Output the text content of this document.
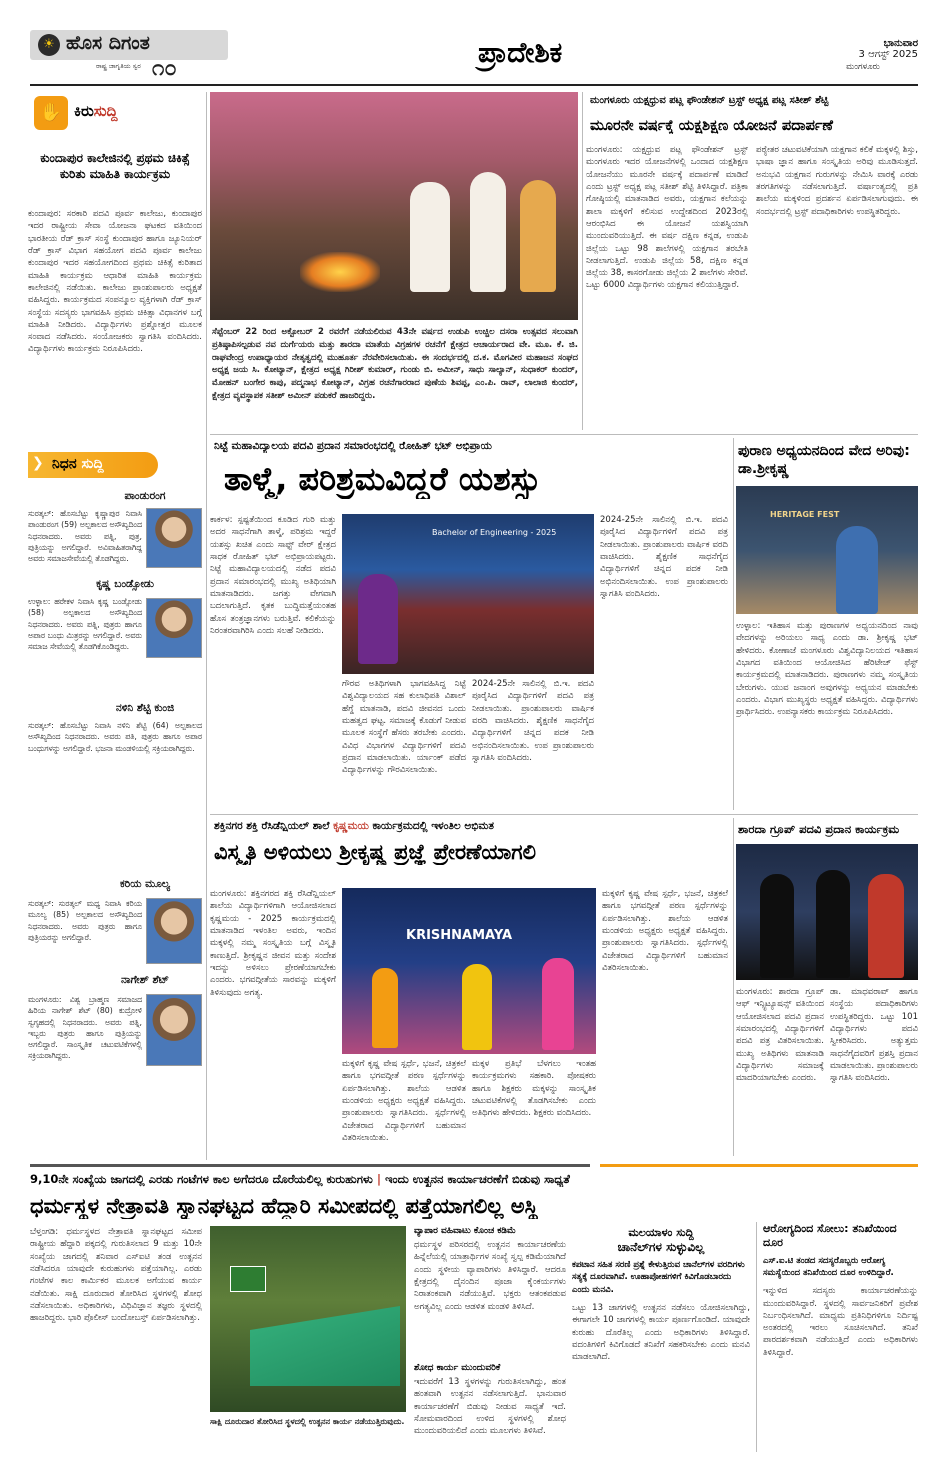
☀ ಹೊಸ ದಿಗಂತ
ರಾಷ್ಟ್ರ ಜಾಗೃತಿಯ ಸ್ವರ ೧೦	ಪ್ರಾದೇಶಿಕ	ಭಾನುವಾರ
3 ಆಗಸ್ಟ್ 2025
ಮಂಗಳೂರು
✋ ಕಿರುಸುದ್ದಿ
ಕುಂದಾಪುರ ಕಾಲೇಜಿನಲ್ಲಿ ಪ್ರಥಮ ಚಿಕಿತ್ಸೆ ಕುರಿತು ಮಾಹಿತಿ ಕಾರ್ಯಕ್ರಮ
ಕುಂದಾಪುರ: ಸರಕಾರಿ ಪದವಿ ಪೂರ್ವ ಕಾಲೇಜು, ಕುಂದಾಪುರ ಇದರ ರಾಷ್ಟ್ರೀಯ ಸೇವಾ ಯೋಜನಾ ಘಟಕದ ವತಿಯಿಂದ ಭಾರತೀಯ ರೆಡ್ ಕ್ರಾಸ್ ಸಂಸ್ಥೆ ಕುಂದಾಪುರ ಹಾಗೂ ಜ್ಯೂನಿಯರ್ ರೆಡ್ ಕ್ರಾಸ್ ವಿಭಾಗ ಸಹಯೋಗ ಪದವಿ ಪೂರ್ವ ಕಾಲೇಜು ಕುಂದಾಪುರ ಇದರ ಸಹಯೋಗದಿಂದ ಪ್ರಥಮ ಚಿಕಿತ್ಸೆ ಕುರಿತಾದ ಮಾಹಿತಿ ಕಾರ್ಯಕ್ರಮ ಆಧಾರಿತ ಮಾಹಿತಿ ಕಾರ್ಯಕ್ರಮ ಕಾಲೇಜಿನಲ್ಲಿ ನಡೆಯಿತು. ಕಾಲೇಜು ಪ್ರಾಂಶುಪಾಲರು ಅಧ್ಯಕ್ಷತೆ ವಹಿಸಿದ್ದರು. ಕಾರ್ಯಕ್ರಮದ ಸಂಪನ್ಮೂಲ ವ್ಯಕ್ತಿಗಳಾಗಿ ರೆಡ್ ಕ್ರಾಸ್ ಸಂಸ್ಥೆಯ ಸದಸ್ಯರು ಭಾಗವಹಿಸಿ ಪ್ರಥಮ ಚಿಕಿತ್ಸಾ ವಿಧಾನಗಳ ಬಗ್ಗೆ ಮಾಹಿತಿ ನೀಡಿದರು. ವಿದ್ಯಾರ್ಥಿಗಳು ಪ್ರಶ್ನೋತ್ತರ ಮೂಲಕ ಸಂವಾದ ನಡೆಸಿದರು. ಸಂಯೋಜಕರು ಸ್ವಾಗತಿಸಿ ವಂದಿಸಿದರು. ವಿದ್ಯಾರ್ಥಿಗಳು ಕಾರ್ಯಕ್ರಮ ನಿರೂಪಿಸಿದರು.
❯ ನಿಧನ ಸುದ್ದಿ
ಪಾಂಡುರಂಗ
ಸುರತ್ಕಲ್: ಹೊಸಬೆಟ್ಟು ಕೃಷ್ಣಾಪುರ ನಿವಾಸಿ ಪಾಂಡುರಂಗ (59) ಅಲ್ಪಕಾಲದ ಅಸೌಖ್ಯದಿಂದ ನಿಧನರಾದರು. ಅವರು ಪತ್ನಿ, ಪುತ್ರ, ಪುತ್ರಿಯನ್ನು ಅಗಲಿದ್ದಾರೆ. ಅವಿವಾಹಿತರಾಗಿದ್ದ ಅವರು ಸಮಾಜಸೇವೆಯಲ್ಲಿ ತೊಡಗಿದ್ದರು.
ಕೃಷ್ಣ ಬಂಡ್ಸೋಡು
ಉಳ್ಳಾಲ: ಹರೇಕಳ ನಿವಾಸಿ ಕೃಷ್ಣ ಬಂಡ್ಸೋಡು (58) ಅಲ್ಪಕಾಲದ ಅಸೌಖ್ಯದಿಂದ ನಿಧನರಾದರು. ಅವರು ಪತ್ನಿ, ಪುತ್ರರು ಹಾಗೂ ಅಪಾರ ಬಂಧು ಮಿತ್ರರನ್ನು ಅಗಲಿದ್ದಾರೆ. ಅವರು ಸಮಾಜ ಸೇವೆಯಲ್ಲಿ ತೊಡಗಿಕೊಂಡಿದ್ದರು.
ನಳಿನಿ ಶೆಟ್ಟಿ ಕುಂಜಿ
ಸುರತ್ಕಲ್: ಹೊಸಬೆಟ್ಟು ನಿವಾಸಿ ನಳಿನಿ ಶೆಟ್ಟಿ (64) ಅಲ್ಪಕಾಲದ ಅಸೌಖ್ಯದಿಂದ ನಿಧನರಾದರು. ಅವರು ಪತಿ, ಪುತ್ರರು ಹಾಗೂ ಅಪಾರ ಬಂಧುಗಳನ್ನು ಅಗಲಿದ್ದಾರೆ. ಭಜನಾ ಮಂಡಳಿಯಲ್ಲಿ ಸಕ್ರಿಯರಾಗಿದ್ದರು.
ಕರಿಯ ಮೂಲ್ಯ
ಸುರತ್ಕಲ್: ಸುರತ್ಕಲ್ ಮಧ್ಯ ನಿವಾಸಿ ಕರಿಯ ಮೂಲ್ಯ (85) ಅಲ್ಪಕಾಲದ ಅಸೌಖ್ಯದಿಂದ ನಿಧನರಾದರು. ಅವರು ಪುತ್ರರು ಹಾಗೂ ಪುತ್ರಿಯರನ್ನು ಅಗಲಿದ್ದಾರೆ.
ನಾಗೇಶ್ ಶೆಟ್
ಮಂಗಳೂರು: ವಿಶ್ವ ಬ್ರಾಹ್ಮಣ ಸಮಾಜದ ಹಿರಿಯ ನಾಗೇಶ್ ಶೆಟ್ (80) ಕುದ್ರೋಳಿ ಸ್ವಗೃಹದಲ್ಲಿ ನಿಧನರಾದರು. ಅವರು ಪತ್ನಿ, ಇಬ್ಬರು ಪುತ್ರರು ಹಾಗೂ ಪುತ್ರಿಯನ್ನು ಅಗಲಿದ್ದಾರೆ. ಸಾಂಸ್ಕೃತಿಕ ಚಟುವಟಿಕೆಗಳಲ್ಲಿ ಸಕ್ರಿಯರಾಗಿದ್ದರು.
ಸೆಪ್ಟೆಂಬರ್ 22 ರಿಂದ ಅಕ್ಟೋಬರ್ 2 ರವರೆಗೆ ನಡೆಯಲಿರುವ 43ನೇ ವರ್ಷದ ಉಡುಪಿ ಉಚ್ಚಿಲ ದಸರಾ ಉತ್ಸವದ ಸಲುವಾಗಿ ಪ್ರತಿಷ್ಠಾಪಿಸಲ್ಪಡುವ ನವ ದುರ್ಗೆಯರು ಮತ್ತು ಶಾರದಾ ಮಾತೆಯ ವಿಗ್ರಹಗಳ ರಚನೆಗೆ ಕ್ಷೇತ್ರದ ಆಚಾರ್ಯರಾದ ವೇ. ಮೂ. ಕೆ. ಜಿ. ರಾಘವೇಂದ್ರ ಉಪಾಧ್ಯಾಯರ ನೇತೃತ್ವದಲ್ಲಿ ಮುಹೂರ್ತ ನೆರವೇರಿಸಲಾಯಿತು. ಈ ಸಂದರ್ಭದಲ್ಲಿ ದ.ಕ. ಮೊಗವೀರ ಮಹಾಜನ ಸಂಘದ ಅಧ್ಯಕ್ಷ ಜಯ ಸಿ. ಕೋಟ್ಯಾನ್, ಕ್ಷೇತ್ರದ ಅಧ್ಯಕ್ಷ ಗಿರೀಶ್ ಕುಮಾರ್, ಗುಂಡು ಬಿ. ಅಮೀನ್, ಸಾಧು ಸಾಲ್ಯಾನ್, ಸುಧಾಕರ್ ಕುಂದರ್, ಮೋಹನ್ ಬಂಗೇರ ಕಾಪು, ಪದ್ಮನಾಭ ಕೋಟ್ಯಾನ್, ವಿಗ್ರಹ ರಚನೆಗಾರರಾದ ಪುಣೆಯ ಶಿವಪ್ಪ, ಎಂ.ಪಿ. ರಾವ್, ಲಾಲಾಜಿ ಕುಂದರ್, ಕ್ಷೇತ್ರದ ವ್ಯವಸ್ಥಾಪಕ ಸತೀಶ್ ಅಮೀನ್ ಪಡುಕರೆ ಹಾಜರಿದ್ದರು.
ಮಂಗಳೂರು ಯಕ್ಷಧ್ರುವ ಪಟ್ಲ ಫೌಂಡೇಶನ್ ಟ್ರಸ್ಟ್ ಅಧ್ಯಕ್ಷ ಪಟ್ಲ ಸತೀಶ್ ಶೆಟ್ಟಿ
ಮೂರನೇ ವರ್ಷಕ್ಕೆ ಯಕ್ಷಶಿಕ್ಷಣ ಯೋಜನೆ ಪದಾರ್ಪಣೆ
ಮಂಗಳೂರು: ಯಕ್ಷಧ್ರುವ ಪಟ್ಲ ಫೌಂಡೇಶನ್ ಟ್ರಸ್ಟ್ ಮಂಗಳೂರು ಇದರ ಯೋಜನೆಗಳಲ್ಲಿ ಒಂದಾದ ಯಕ್ಷಶಿಕ್ಷಣ ಯೋಜನೆಯು ಮೂರನೇ ವರ್ಷಕ್ಕೆ ಪದಾರ್ಪಣೆ ಮಾಡಿದೆ ಎಂದು ಟ್ರಸ್ಟ್ ಅಧ್ಯಕ್ಷ ಪಟ್ಲ ಸತೀಶ್ ಶೆಟ್ಟಿ ತಿಳಿಸಿದ್ದಾರೆ. ಪತ್ರಿಕಾ ಗೋಷ್ಠಿಯಲ್ಲಿ ಮಾತನಾಡಿದ ಅವರು, ಯಕ್ಷಗಾನ ಕಲೆಯನ್ನು ಶಾಲಾ ಮಕ್ಕಳಿಗೆ ಕಲಿಸುವ ಉದ್ದೇಶದಿಂದ 2023ರಲ್ಲಿ ಆರಂಭಿಸಿದ ಈ ಯೋಜನೆ ಯಶಸ್ವಿಯಾಗಿ ಮುಂದುವರಿಯುತ್ತಿದೆ. ಈ ವರ್ಷ ದಕ್ಷಿಣ ಕನ್ನಡ, ಉಡುಪಿ ಜಿಲ್ಲೆಯ ಒಟ್ಟು 98 ಶಾಲೆಗಳಲ್ಲಿ ಯಕ್ಷಗಾನ ತರಬೇತಿ ನೀಡಲಾಗುತ್ತಿದೆ. ಉಡುಪಿ ಜಿಲ್ಲೆಯ 58, ದಕ್ಷಿಣ ಕನ್ನಡ ಜಿಲ್ಲೆಯ 38, ಕಾಸರಗೋಡು ಜಿಲ್ಲೆಯ 2 ಶಾಲೆಗಳು ಸೇರಿವೆ. ಒಟ್ಟು 6000 ವಿದ್ಯಾರ್ಥಿಗಳು ಯಕ್ಷಗಾನ ಕಲಿಯುತ್ತಿದ್ದಾರೆ.
ಪಠ್ಯೇತರ ಚಟುವಟಿಕೆಯಾಗಿ ಯಕ್ಷಗಾನ ಕಲಿಕೆ ಮಕ್ಕಳಲ್ಲಿ ಶಿಸ್ತು, ಭಾಷಾ ಜ್ಞಾನ ಹಾಗೂ ಸಂಸ್ಕೃತಿಯ ಅರಿವು ಮೂಡಿಸುತ್ತದೆ. ಅನುಭವಿ ಯಕ್ಷಗಾನ ಗುರುಗಳನ್ನು ನೇಮಿಸಿ ವಾರಕ್ಕೆ ಎರಡು ತರಗತಿಗಳನ್ನು ನಡೆಸಲಾಗುತ್ತಿದೆ. ವರ್ಷಾಂತ್ಯದಲ್ಲಿ ಪ್ರತಿ ಶಾಲೆಯ ಮಕ್ಕಳಿಂದ ಪ್ರದರ್ಶನ ಏರ್ಪಡಿಸಲಾಗುವುದು. ಈ ಸಂದರ್ಭದಲ್ಲಿ ಟ್ರಸ್ಟ್ ಪದಾಧಿಕಾರಿಗಳು ಉಪಸ್ಥಿತರಿದ್ದರು.
ನಿಟ್ಟೆ ಮಹಾವಿದ್ಯಾಲಯ ಪದವಿ ಪ್ರದಾನ ಸಮಾರಂಭದಲ್ಲಿ ರೋಹಿತ್ ಭಟ್ ಅಭಿಪ್ರಾಯ
ತಾಳ್ಮೆ, ಪರಿಶ್ರಮವಿದ್ದರೆ ಯಶಸ್ಸು
ಕಾರ್ಕಳ: ಸ್ಪಷ್ಟತೆಯಿಂದ ಕೂಡಿದ ಗುರಿ ಮತ್ತು ಅದರ ಸಾಧನೆಗಾಗಿ ತಾಳ್ಮೆ, ಪರಿಶ್ರಮ ಇದ್ದರೆ ಯಶಸ್ಸು ಖಚಿತ ಎಂದು ಸಾಫ್ಟ್ ವೇರ್ ಕ್ಷೇತ್ರದ ಸಾಧಕ ರೋಹಿತ್ ಭಟ್ ಅಭಿಪ್ರಾಯಪಟ್ಟರು. ನಿಟ್ಟೆ ಮಹಾವಿದ್ಯಾಲಯದಲ್ಲಿ ನಡೆದ ಪದವಿ ಪ್ರದಾನ ಸಮಾರಂಭದಲ್ಲಿ ಮುಖ್ಯ ಅತಿಥಿಯಾಗಿ ಮಾತನಾಡಿದರು. ಜಗತ್ತು ವೇಗವಾಗಿ ಬದಲಾಗುತ್ತಿದೆ. ಕೃತಕ ಬುದ್ಧಿಮತ್ತೆಯಂತಹ ಹೊಸ ತಂತ್ರಜ್ಞಾನಗಳು ಬರುತ್ತಿವೆ. ಕಲಿಕೆಯನ್ನು ನಿರಂತರವಾಗಿರಿಸಿ ಎಂದು ಸಲಹೆ ನೀಡಿದರು.
Bachelor of Engineering - 2025
ಗೌರವ ಅತಿಥಿಗಳಾಗಿ ಭಾಗವಹಿಸಿದ್ದ ನಿಟ್ಟೆ ವಿಶ್ವವಿದ್ಯಾಲಯದ ಸಹ ಕುಲಾಧಿಪತಿ ವಿಶಾಲ್ ಹೆಗ್ಡೆ ಮಾತನಾಡಿ, ಪದವಿ ಜೀವನದ ಒಂದು ಮಹತ್ವದ ಘಟ್ಟ. ಸಮಾಜಕ್ಕೆ ಕೊಡುಗೆ ನೀಡುವ ಮೂಲಕ ಸಂಸ್ಥೆಗೆ ಹೆಸರು ತರಬೇಕು ಎಂದರು. ವಿವಿಧ ವಿಭಾಗಗಳ ವಿದ್ಯಾರ್ಥಿಗಳಿಗೆ ಪದವಿ ಪ್ರದಾನ ಮಾಡಲಾಯಿತು. ರ್ಯಾಂಕ್ ಪಡೆದ ವಿದ್ಯಾರ್ಥಿಗಳನ್ನು ಗೌರವಿಸಲಾಯಿತು.
2024-25ನೇ ಸಾಲಿನಲ್ಲಿ ಬಿ.ಇ. ಪದವಿ ಪೂರೈಸಿದ ವಿದ್ಯಾರ್ಥಿಗಳಿಗೆ ಪದವಿ ಪತ್ರ ನೀಡಲಾಯಿತು. ಪ್ರಾಂಶುಪಾಲರು ವಾರ್ಷಿಕ ವರದಿ ವಾಚಿಸಿದರು. ಶೈಕ್ಷಣಿಕ ಸಾಧನೆಗೈದ ವಿದ್ಯಾರ್ಥಿಗಳಿಗೆ ಚಿನ್ನದ ಪದಕ ನೀಡಿ ಅಭಿನಂದಿಸಲಾಯಿತು. ಉಪ ಪ್ರಾಂಶುಪಾಲರು ಸ್ವಾಗತಿಸಿ ವಂದಿಸಿದರು.
2024-25ನೇ ಸಾಲಿನಲ್ಲಿ ಬಿ.ಇ. ಪದವಿ ಪೂರೈಸಿದ ವಿದ್ಯಾರ್ಥಿಗಳಿಗೆ ಪದವಿ ಪತ್ರ ನೀಡಲಾಯಿತು. ಪ್ರಾಂಶುಪಾಲರು ವಾರ್ಷಿಕ ವರದಿ ವಾಚಿಸಿದರು. ಶೈಕ್ಷಣಿಕ ಸಾಧನೆಗೈದ ವಿದ್ಯಾರ್ಥಿಗಳಿಗೆ ಚಿನ್ನದ ಪದಕ ನೀಡಿ ಅಭಿನಂದಿಸಲಾಯಿತು. ಉಪ ಪ್ರಾಂಶುಪಾಲರು ಸ್ವಾಗತಿಸಿ ವಂದಿಸಿದರು.
ಪುರಾಣ ಅಧ್ಯಯನದಿಂದ ವೇದ ಅರಿವು: ಡಾ.ಶ್ರೀಕೃಷ್ಣ
HERITAGE FEST
ಉಳ್ಳಾಲ: ಇತಿಹಾಸ ಮತ್ತು ಪುರಾಣಗಳ ಅಧ್ಯಯನದಿಂದ ನಾವು ವೇದಗಳನ್ನು ಅರಿಯಲು ಸಾಧ್ಯ ಎಂದು ಡಾ. ಶ್ರೀಕೃಷ್ಣ ಭಟ್ ಹೇಳಿದರು. ಕೋಣಾಜೆ ಮಂಗಳೂರು ವಿಶ್ವವಿದ್ಯಾನಿಲಯದ ಇತಿಹಾಸ ವಿಭಾಗದ ವತಿಯಿಂದ ಆಯೋಜಿಸಿದ ಹೆರಿಟೇಜ್ ಫೆಸ್ಟ್ ಕಾರ್ಯಕ್ರಮದಲ್ಲಿ ಮಾತನಾಡಿದರು. ಪುರಾಣಗಳು ನಮ್ಮ ಸಂಸ್ಕೃತಿಯ ಬೇರುಗಳು. ಯುವ ಜನಾಂಗ ಅವುಗಳನ್ನು ಅಧ್ಯಯನ ಮಾಡಬೇಕು ಎಂದರು. ವಿಭಾಗ ಮುಖ್ಯಸ್ಥರು ಅಧ್ಯಕ್ಷತೆ ವಹಿಸಿದ್ದರು. ವಿದ್ಯಾರ್ಥಿಗಳು ಪ್ರಾರ್ಥಿಸಿದರು. ಉಪನ್ಯಾಸಕರು ಕಾರ್ಯಕ್ರಮ ನಿರೂಪಿಸಿದರು.
ಶಕ್ತಿನಗರ ಶಕ್ತಿ ರೆಸಿಡೆನ್ಷಿಯಲ್ ಶಾಲೆ ಕೃಷ್ಣಮಯ ಕಾರ್ಯಕ್ರಮದಲ್ಲಿ ಇಳಂತಿಲ ಅಭಿಮತ
ವಿಸ್ಮೃತಿ ಅಳಿಯಲು ಶ್ರೀಕೃಷ್ಣ ಪ್ರಜ್ಞೆ ಪ್ರೇರಣೆಯಾಗಲಿ
ಮಂಗಳೂರು: ಶಕ್ತಿನಗರದ ಶಕ್ತಿ ರೆಸಿಡೆನ್ಷಿಯಲ್ ಶಾಲೆಯ ವಿದ್ಯಾರ್ಥಿಗಳಿಗಾಗಿ ಆಯೋಜಿಸಲಾದ ಕೃಷ್ಣಮಯ - 2025 ಕಾರ್ಯಕ್ರಮದಲ್ಲಿ ಮಾತನಾಡಿದ ಇಳಂತಿಲ ಅವರು, ಇಂದಿನ ಮಕ್ಕಳಲ್ಲಿ ನಮ್ಮ ಸಂಸ್ಕೃತಿಯ ಬಗ್ಗೆ ವಿಸ್ಮೃತಿ ಕಾಣುತ್ತಿದೆ. ಶ್ರೀಕೃಷ್ಣನ ಜೀವನ ಮತ್ತು ಸಂದೇಶ ಇದನ್ನು ಅಳಿಸಲು ಪ್ರೇರಣೆಯಾಗಬೇಕು ಎಂದರು. ಭಗವದ್ಗೀತೆಯ ಸಾರವನ್ನು ಮಕ್ಕಳಿಗೆ ತಿಳಿಸುವುದು ಅಗತ್ಯ.
KRISHNAMAYA
ಮಕ್ಕಳಿಗೆ ಕೃಷ್ಣ ವೇಷ ಸ್ಪರ್ಧೆ, ಭಜನೆ, ಚಿತ್ರಕಲೆ ಹಾಗೂ ಭಗವದ್ಗೀತೆ ಪಠಣ ಸ್ಪರ್ಧೆಗಳನ್ನು ಏರ್ಪಡಿಸಲಾಗಿತ್ತು. ಶಾಲೆಯ ಆಡಳಿತ ಮಂಡಳಿಯ ಅಧ್ಯಕ್ಷರು ಅಧ್ಯಕ್ಷತೆ ವಹಿಸಿದ್ದರು. ಪ್ರಾಂಶುಪಾಲರು ಸ್ವಾಗತಿಸಿದರು. ಸ್ಪರ್ಧೆಗಳಲ್ಲಿ ವಿಜೇತರಾದ ವಿದ್ಯಾರ್ಥಿಗಳಿಗೆ ಬಹುಮಾನ ವಿತರಿಸಲಾಯಿತು.
ಮಕ್ಕಳ ಪ್ರತಿಭೆ ಬೆಳಗಲು ಇಂತಹ ಕಾರ್ಯಕ್ರಮಗಳು ಸಹಕಾರಿ. ಪೋಷಕರು ಹಾಗೂ ಶಿಕ್ಷಕರು ಮಕ್ಕಳನ್ನು ಸಾಂಸ್ಕೃತಿಕ ಚಟುವಟಿಕೆಗಳಲ್ಲಿ ತೊಡಗಿಸಬೇಕು ಎಂದು ಅತಿಥಿಗಳು ಹೇಳಿದರು. ಶಿಕ್ಷಕರು ವಂದಿಸಿದರು.
ಮಕ್ಕಳಿಗೆ ಕೃಷ್ಣ ವೇಷ ಸ್ಪರ್ಧೆ, ಭಜನೆ, ಚಿತ್ರಕಲೆ ಹಾಗೂ ಭಗವದ್ಗೀತೆ ಪಠಣ ಸ್ಪರ್ಧೆಗಳನ್ನು ಏರ್ಪಡಿಸಲಾಗಿತ್ತು. ಶಾಲೆಯ ಆಡಳಿತ ಮಂಡಳಿಯ ಅಧ್ಯಕ್ಷರು ಅಧ್ಯಕ್ಷತೆ ವಹಿಸಿದ್ದರು. ಪ್ರಾಂಶುಪಾಲರು ಸ್ವಾಗತಿಸಿದರು. ಸ್ಪರ್ಧೆಗಳಲ್ಲಿ ವಿಜೇತರಾದ ವಿದ್ಯಾರ್ಥಿಗಳಿಗೆ ಬಹುಮಾನ ವಿತರಿಸಲಾಯಿತು.
ಶಾರದಾ ಗ್ರೂಪ್ ಪದವಿ ಪ್ರದಾನ ಕಾರ್ಯಕ್ರಮ
ಮಂಗಳೂರು: ಶಾರದಾ ಗ್ರೂಪ್ ಆಫ್ ಇನ್ಸ್ಟಿಟ್ಯೂಷನ್ಸ್ ವತಿಯಿಂದ ಆಯೋಜಿಸಲಾದ ಪದವಿ ಪ್ರದಾನ ಸಮಾರಂಭದಲ್ಲಿ ವಿದ್ಯಾರ್ಥಿಗಳಿಗೆ ಪದವಿ ಪತ್ರ ವಿತರಿಸಲಾಯಿತು. ಮುಖ್ಯ ಅತಿಥಿಗಳು ಮಾತನಾಡಿ ವಿದ್ಯಾರ್ಥಿಗಳು ಸಮಾಜಕ್ಕೆ ಮಾದರಿಯಾಗಬೇಕು ಎಂದರು.
ಡಾ. ಮಾಧವರಾವ್ ಹಾಗೂ ಸಂಸ್ಥೆಯ ಪದಾಧಿಕಾರಿಗಳು ಉಪಸ್ಥಿತರಿದ್ದರು. ಒಟ್ಟು 101 ವಿದ್ಯಾರ್ಥಿಗಳು ಪದವಿ ಸ್ವೀಕರಿಸಿದರು. ಅತ್ಯುತ್ತಮ ಸಾಧನೆಗೈದವರಿಗೆ ಪ್ರಶಸ್ತಿ ಪ್ರದಾನ ಮಾಡಲಾಯಿತು. ಪ್ರಾಂಶುಪಾಲರು ಸ್ವಾಗತಿಸಿ ವಂದಿಸಿದರು.
9,10ನೇ ಸಂಖ್ಯೆಯ ಜಾಗದಲ್ಲಿ ಎರಡು ಗಂಟೆಗಳ ಕಾಲ ಅಗೆದರೂ ದೊರೆಯಲಿಲ್ಲ ಕುರುಹುಗಳು | ಇಂದು ಉತ್ಖನನ ಕಾರ್ಯಾಚರಣೆಗೆ ಬಿಡುವು ಸಾಧ್ಯತೆ
ಧರ್ಮಸ್ಥಳ ನೇತ್ರಾವತಿ ಸ್ನಾನಘಟ್ಟದ ಹೆದ್ದಾರಿ ಸಮೀಪದಲ್ಲಿ ಪತ್ತೆಯಾಗಲಿಲ್ಲ ಅಸ್ಥಿ
ಬೆಳ್ತಂಗಡಿ: ಧರ್ಮಸ್ಥಳದ ನೇತ್ರಾವತಿ ಸ್ನಾನಘಟ್ಟದ ಸಮೀಪ ರಾಷ್ಟ್ರೀಯ ಹೆದ್ದಾರಿ ಪಕ್ಕದಲ್ಲಿ ಗುರುತಿಸಲಾದ 9 ಮತ್ತು 10ನೇ ಸಂಖ್ಯೆಯ ಜಾಗದಲ್ಲಿ ಶನಿವಾರ ಎಸ್ಐಟಿ ತಂಡ ಉತ್ಖನನ ನಡೆಸಿದರೂ ಯಾವುದೇ ಕುರುಹುಗಳು ಪತ್ತೆಯಾಗಿಲ್ಲ. ಎರಡು ಗಂಟೆಗಳ ಕಾಲ ಕಾರ್ಮಿಕರ ಮೂಲಕ ಅಗೆಯುವ ಕಾರ್ಯ ನಡೆಯಿತು. ಸಾಕ್ಷಿ ದೂರುದಾರ ತೋರಿಸಿದ ಸ್ಥಳಗಳಲ್ಲಿ ಶೋಧ ನಡೆಸಲಾಯಿತು. ಅಧಿಕಾರಿಗಳು, ವಿಧಿವಿಜ್ಞಾನ ತಜ್ಞರು ಸ್ಥಳದಲ್ಲಿ ಹಾಜರಿದ್ದರು. ಭಾರಿ ಪೊಲೀಸ್ ಬಂದೋಬಸ್ತ್ ಏರ್ಪಡಿಸಲಾಗಿತ್ತು.
ಸಾಕ್ಷಿ ದೂರುದಾರ ತೋರಿಸಿದ ಸ್ಥಳದಲ್ಲಿ ಉತ್ಖನನ ಕಾರ್ಯ ನಡೆಯುತ್ತಿರುವುದು.
ವ್ಯಾಪಾರ ವಹಿವಾಟು ಕೊಂಚ ಕಡಿಮೆ
ಧರ್ಮಸ್ಥಳ ಪರಿಸರದಲ್ಲಿ ಉತ್ಖನನ ಕಾರ್ಯಾಚರಣೆಯ ಹಿನ್ನೆಲೆಯಲ್ಲಿ ಯಾತ್ರಾರ್ಥಿಗಳ ಸಂಖ್ಯೆ ಸ್ವಲ್ಪ ಕಡಿಮೆಯಾಗಿದೆ ಎಂದು ಸ್ಥಳೀಯ ವ್ಯಾಪಾರಿಗಳು ತಿಳಿಸಿದ್ದಾರೆ. ಆದರೂ ಕ್ಷೇತ್ರದಲ್ಲಿ ದೈನಂದಿನ ಪೂಜಾ ಕೈಂಕರ್ಯಗಳು ನಿರಾತಂಕವಾಗಿ ನಡೆಯುತ್ತಿವೆ. ಭಕ್ತರು ಆತಂಕಪಡುವ ಅಗತ್ಯವಿಲ್ಲ ಎಂದು ಆಡಳಿತ ಮಂಡಳಿ ತಿಳಿಸಿದೆ.
ಶೋಧ ಕಾರ್ಯ ಮುಂದುವರಿಕೆ
ಇದುವರೆಗೆ 13 ಸ್ಥಳಗಳನ್ನು ಗುರುತಿಸಲಾಗಿದ್ದು, ಹಂತ ಹಂತವಾಗಿ ಉತ್ಖನನ ನಡೆಸಲಾಗುತ್ತಿದೆ. ಭಾನುವಾರ ಕಾರ್ಯಾಚರಣೆಗೆ ಬಿಡುವು ನೀಡುವ ಸಾಧ್ಯತೆ ಇದೆ. ಸೋಮವಾರದಿಂದ ಉಳಿದ ಸ್ಥಳಗಳಲ್ಲಿ ಶೋಧ ಮುಂದುವರಿಯಲಿದೆ ಎಂದು ಮೂಲಗಳು ತಿಳಿಸಿವೆ.
ಮಲಯಾಳಂ ಸುದ್ದಿ
ಚಾನೆಲ್‌ಗಳ ಸುಳ್ಳುವಿಲ್ಲ
ಕಪಟಾನ ಸಹಿತ ಸರಣಿ ಪ್ರಶ್ನೆ ಕೇಳುತ್ತಿರುವ ಚಾನೆಲ್‌ಗಳ ವರದಿಗಳು ಸತ್ಯಕ್ಕೆ ದೂರವಾಗಿವೆ. ಊಹಾಪೋಹಗಳಿಗೆ ಕಿವಿಗೊಡಬಾರದು ಎಂದು ಮನವಿ.
ಒಟ್ಟು 13 ಜಾಗಗಳಲ್ಲಿ ಉತ್ಖನನ ನಡೆಸಲು ಯೋಜಿಸಲಾಗಿದ್ದು, ಈಗಾಗಲೇ 10 ಜಾಗಗಳಲ್ಲಿ ಕಾರ್ಯ ಪೂರ್ಣಗೊಂಡಿದೆ. ಯಾವುದೇ ಕುರುಹು ದೊರೆತಿಲ್ಲ ಎಂದು ಅಧಿಕಾರಿಗಳು ತಿಳಿಸಿದ್ದಾರೆ. ವದಂತಿಗಳಿಗೆ ಕಿವಿಗೊಡದೆ ತನಿಖೆಗೆ ಸಹಕರಿಸಬೇಕು ಎಂದು ಮನವಿ ಮಾಡಲಾಗಿದೆ.
ಆರೋಗ್ಯದಿಂದ ಸೋಲು: ತನಿಖೆಯಿಂದ ದೂರ
ಎಸ್.ಐ.ಟಿ ತಂಡದ ಸದಸ್ಯರೊಬ್ಬರು ಆರೋಗ್ಯ ಸಮಸ್ಯೆಯಿಂದ ತನಿಖೆಯಿಂದ ದೂರ ಉಳಿದಿದ್ದಾರೆ.
ಇನ್ನುಳಿದ ಸದಸ್ಯರು ಕಾರ್ಯಾಚರಣೆಯನ್ನು ಮುಂದುವರಿಸಿದ್ದಾರೆ. ಸ್ಥಳದಲ್ಲಿ ಸಾರ್ವಜನಿಕರಿಗೆ ಪ್ರವೇಶ ನಿರ್ಬಂಧಿಸಲಾಗಿದೆ. ಮಾಧ್ಯಮ ಪ್ರತಿನಿಧಿಗಳಿಗೂ ನಿರ್ದಿಷ್ಟ ಅಂತರದಲ್ಲಿ ಇರಲು ಸೂಚಿಸಲಾಗಿದೆ. ತನಿಖೆ ಪಾರದರ್ಶಕವಾಗಿ ನಡೆಯುತ್ತಿದೆ ಎಂದು ಅಧಿಕಾರಿಗಳು ತಿಳಿಸಿದ್ದಾರೆ.
